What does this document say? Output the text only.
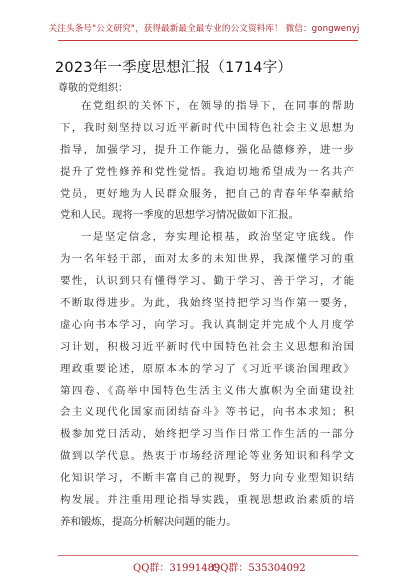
关注头条号"公文研究"，获得最新最全最专业的公文资料库！ 微信：gongwenyj
2023年一季度思想汇报（1714字）
尊敬的党组织：
在党组织的关怀下，在领导的指导下，在同事的帮助
下，我时刻坚持以习近平新时代中国特色社会主义思想为
指导，加强学习，提升工作能力，强化品德修养，进一步
提升了党性修养和党性觉悟。我迫切地希望成为一名共产
党员，更好地为人民群众服务，把自己的青春年华奉献给
党和人民。现将一季度的思想学习情况做如下汇报。
一是坚定信念，夯实理论根基，政治坚定守底线。作
为一名年轻干部，面对太多的未知世界，我深懂学习的重
要性，认识到只有懂得学习、勤于学习、善于学习，才能
不断取得进步。为此，我始终坚持把学习当作第一要务，
虚心向书本学习，向学习。我认真制定并完成个人月度学
习计划，积极习近平新时代中国特色社会主义思想和治国
理政重要论述，原原本本的学习了《习近平谈治国理政》
第四卷、《高举中国特色生活主义伟大旗帜为全面建设社
会主义现代化国家而团结奋斗》等书记，向书本求知；积
极参加党日活动，始终把学习当作日常工作生活的一部分
做到以学代息。热衷于市场经济理论等业务知识和科学文
化知识学习，不断丰富自己的视野，努力向专业型知识结
构发展。并注重用理论指导实践，重视思想政治素质的培
养和锻炼，提高分析解决问题的能力。
QQ群：31991489
QQ群：535304092
